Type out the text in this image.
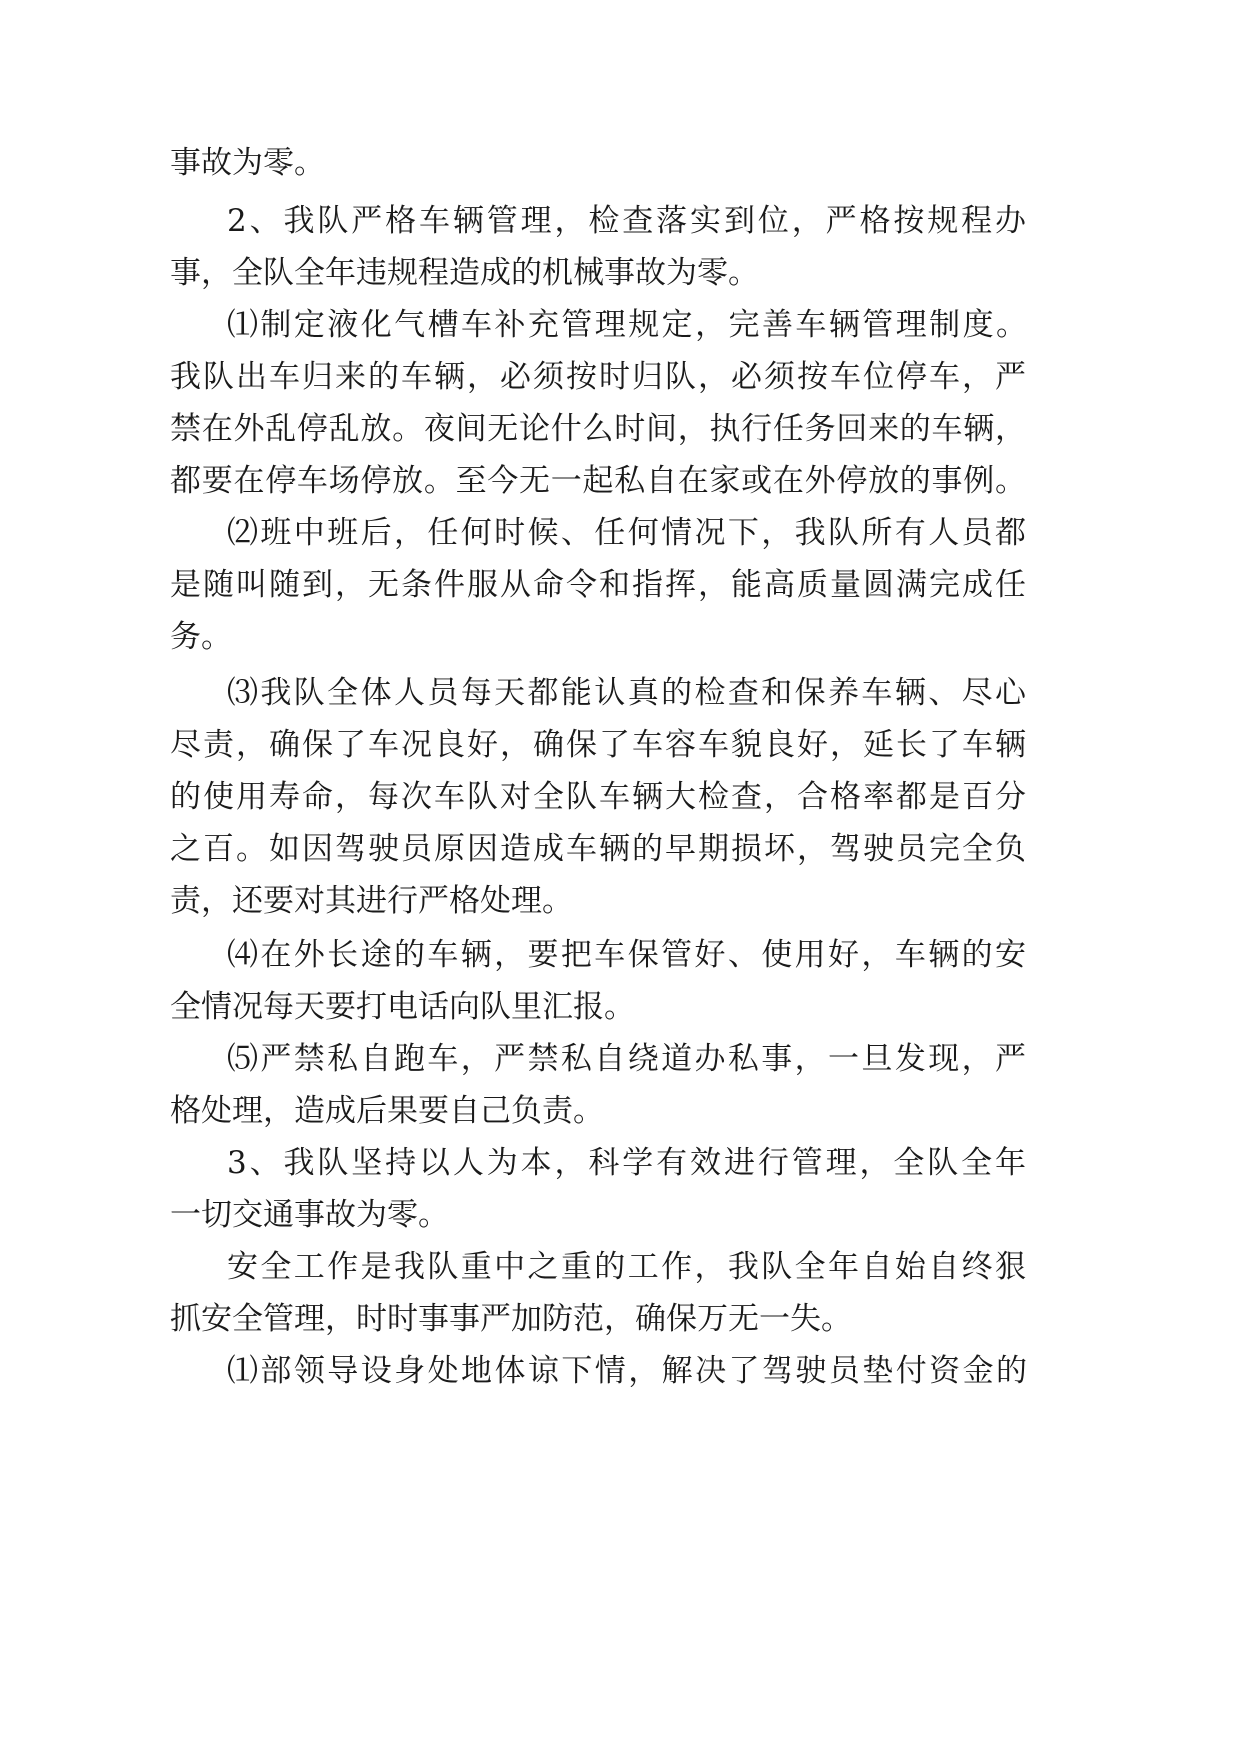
事故为零。
2、我队严格车辆管理，检查落实到位，严格按规程办
事，全队全年违规程造成的机械事故为零。
⑴制定液化气槽车补充管理规定，完善车辆管理制度。
我队出车归来的车辆，必须按时归队，必须按车位停车，严
禁在外乱停乱放。夜间无论什么时间，执行任务回来的车辆，
都要在停车场停放。至今无一起私自在家或在外停放的事例。
⑵班中班后，任何时候、任何情况下，我队所有人员都
是随叫随到，无条件服从命令和指挥，能高质量圆满完成任
务。
⑶我队全体人员每天都能认真的检查和保养车辆、尽心
尽责，确保了车况良好，确保了车容车貌良好，延长了车辆
的使用寿命，每次车队对全队车辆大检查，合格率都是百分
之百。如因驾驶员原因造成车辆的早期损坏，驾驶员完全负
责，还要对其进行严格处理。
⑷在外长途的车辆，要把车保管好、使用好，车辆的安
全情况每天要打电话向队里汇报。
⑸严禁私自跑车，严禁私自绕道办私事，一旦发现，严
格处理，造成后果要自己负责。
3、我队坚持以人为本，科学有效进行管理，全队全年
一切交通事故为零。
安全工作是我队重中之重的工作，我队全年自始自终狠
抓安全管理，时时事事严加防范，确保万无一失。
⑴部领导设身处地体谅下情，解决了驾驶员垫付资金的
